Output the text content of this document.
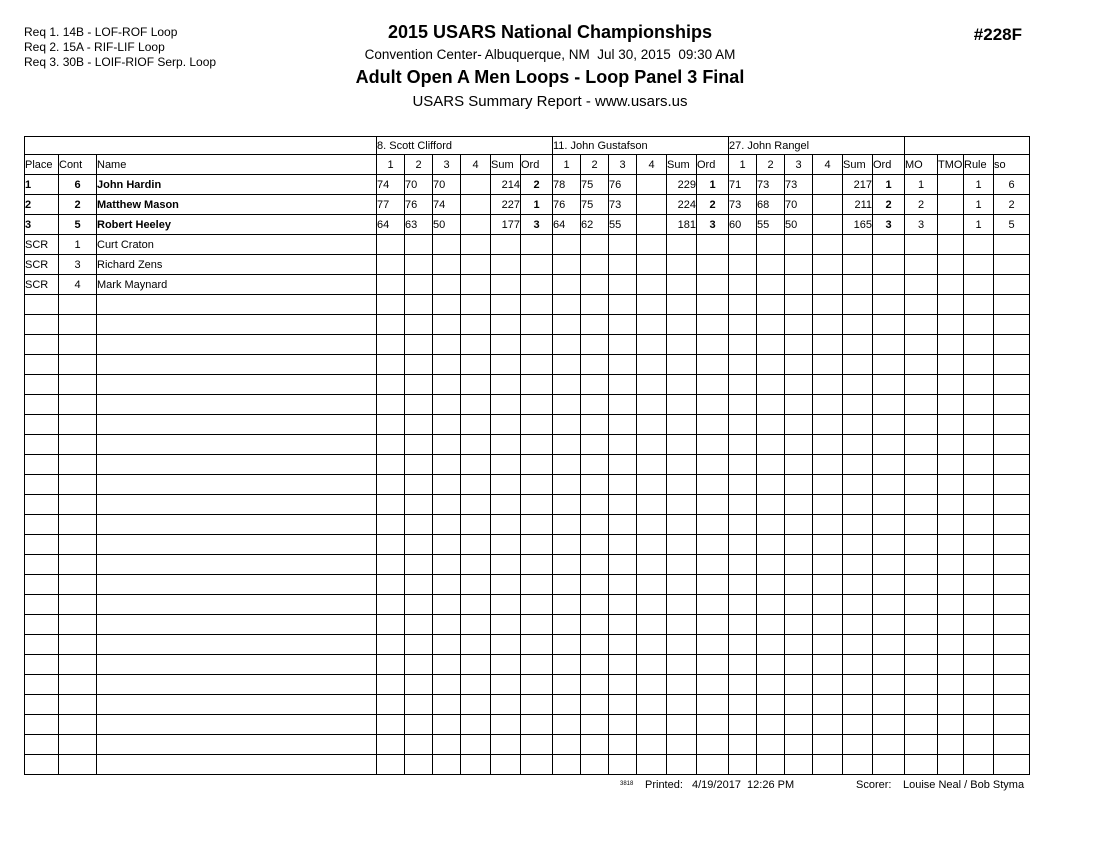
Req 1. 14B - LOF-ROF Loop
Req 2. 15A - RIF-LIF Loop
Req 3. 30B - LOIF-RIOF Serp. Loop
2015 USARS National Championships
Convention Center- Albuquerque, NM  Jul 30, 2015  09:30 AM
Adult Open A Men Loops - Loop Panel 3 Final
USARS Summary Report - www.usars.us
#228F
			8. Scott Clifford						11. John Gustafson						27. John Rangel									
Place	Cont	Name	1	2	3	4	Sum	Ord	1	2	3	4	Sum	Ord	1	2	3	4	Sum	Ord	MO	TMO	Rule	so
1	6	John Hardin	74	70	70		214	2	78	75	76		229	1	71	73	73		217	1	1		1	6
2	2	Matthew Mason	77	76	74		227	1	76	75	73		224	2	73	68	70		211	2	2		1	2
3	5	Robert Heeley	64	63	50		177	3	64	62	55		181	3	60	55	50		165	3	3		1	5
SCR	1	Curt Craton																						
SCR	3	Richard Zens																						
SCR	4	Mark Maynard																						

3818 Printed: 4/19/2017  12:26 PM	Scorer: Louise Neal / Bob Styma
